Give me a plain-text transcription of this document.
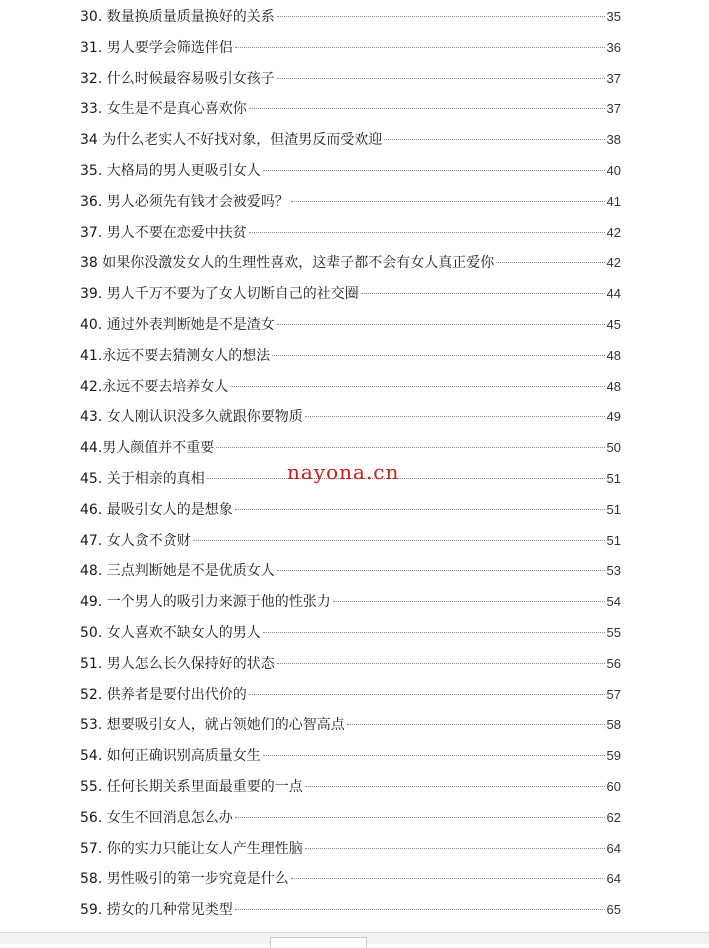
30. 数量换质量质量换好的关系	35
31. 男人要学会筛选伴侣	36
32. 什么时候最容易吸引女孩子	37
33. 女生是不是真心喜欢你	37
34 为什么老实人不好找对象，但渣男反而受欢迎	38
35. 大格局的男人更吸引女人	40
36. 男人必须先有钱才会被爱吗？	41
37. 男人不要在恋爱中扶贫	42
38 如果你没激发女人的生理性喜欢，这辈子都不会有女人真正爱你	42
39. 男人千万不要为了女人切断自己的社交圈	44
40. 通过外表判断她是不是渣女	45
41.永远不要去猜测女人的想法	48
42.永远不要去培养女人	48
43. 女人刚认识没多久就跟你要物质	49
44.男人颜值并不重要	50
45. 关于相亲的真相	51
46. 最吸引女人的是想象	51
47. 女人贪不贪财	51
48. 三点判断她是不是优质女人	53
49. 一个男人的吸引力来源于他的性张力	54
50. 女人喜欢不缺女人的男人	55
51. 男人怎么长久保持好的状态	56
52. 供养者是要付出代价的	57
53. 想要吸引女人，就占领她们的心智高点	58
54. 如何正确识别高质量女生	59
55. 任何长期关系里面最重要的一点	60
56. 女生不回消息怎么办	62
57. 你的实力只能让女人产生理性脑	64
58. 男性吸引的第一步究竟是什么	64
59. 捞女的几种常见类型	65
nayona.cn
